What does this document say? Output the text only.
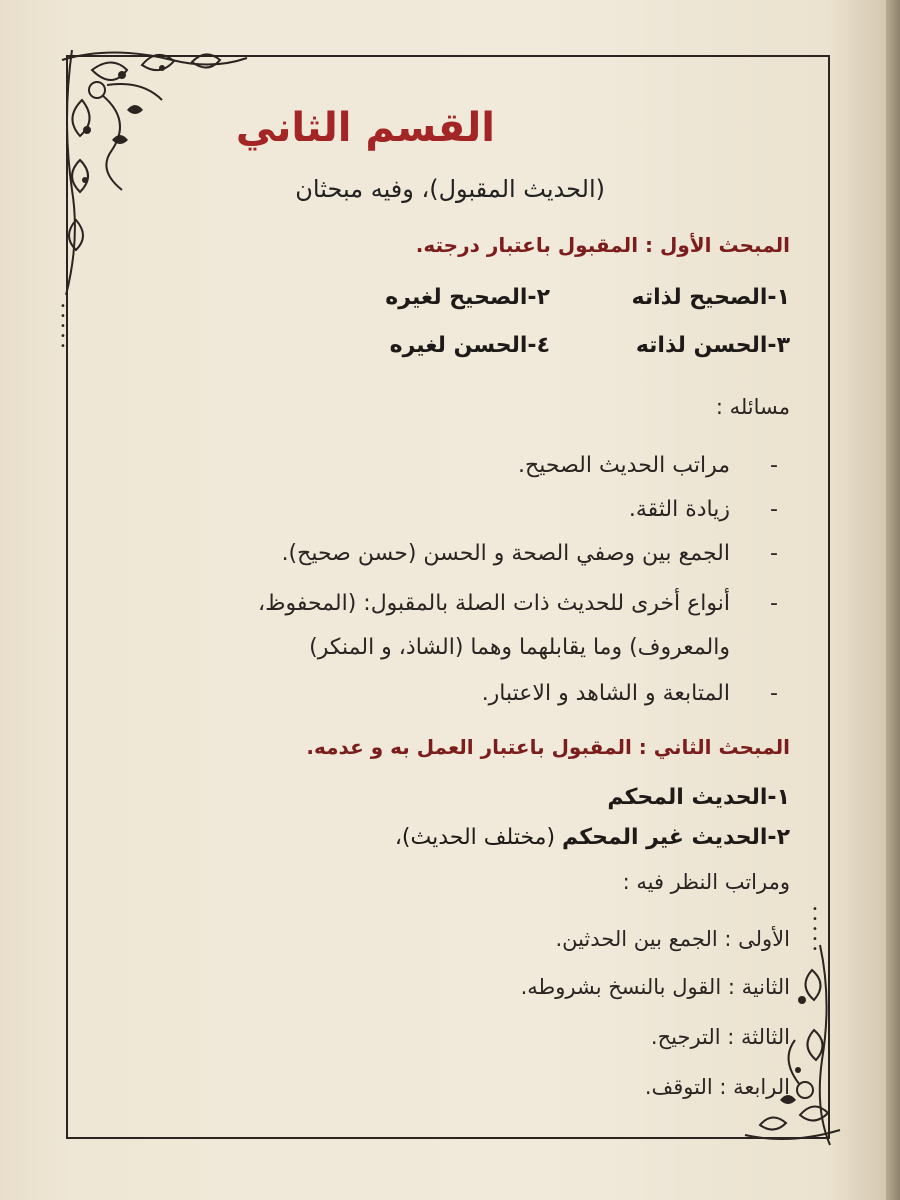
•
•
•
•
•
•
•
•
•
•
القسم الثاني
(الحديث المقبول)، وفيه مبحثان
المبحث الأول : المقبول باعتبار درجته.
١-الصحيح لذاته
٢-الصحيح لغيره
٣-الحسن لذاته
٤-الحسن لغيره
مسائله :
-
مراتب الحديث الصحيح.
-
زيادة الثقة.
-
الجمع بين وصفي الصحة و الحسن (حسن صحيح).
-
أنواع أخرى للحديث ذات الصلة بالمقبول: (المحفوظ،
والمعروف) وما يقابلهما وهما (الشاذ، و المنكر)
-
المتابعة و الشاهد و الاعتبار.
المبحث الثاني : المقبول باعتبار العمل به و عدمه.
١-الحديث المحكم
٢-الحديث غير المحكم (مختلف الحديث)،
ومراتب النظر فيه :
الأولى : الجمع بين الحدثين.
الثانية : القول بالنسخ بشروطه.
الثالثة : الترجيح.
الرابعة : التوقف.
